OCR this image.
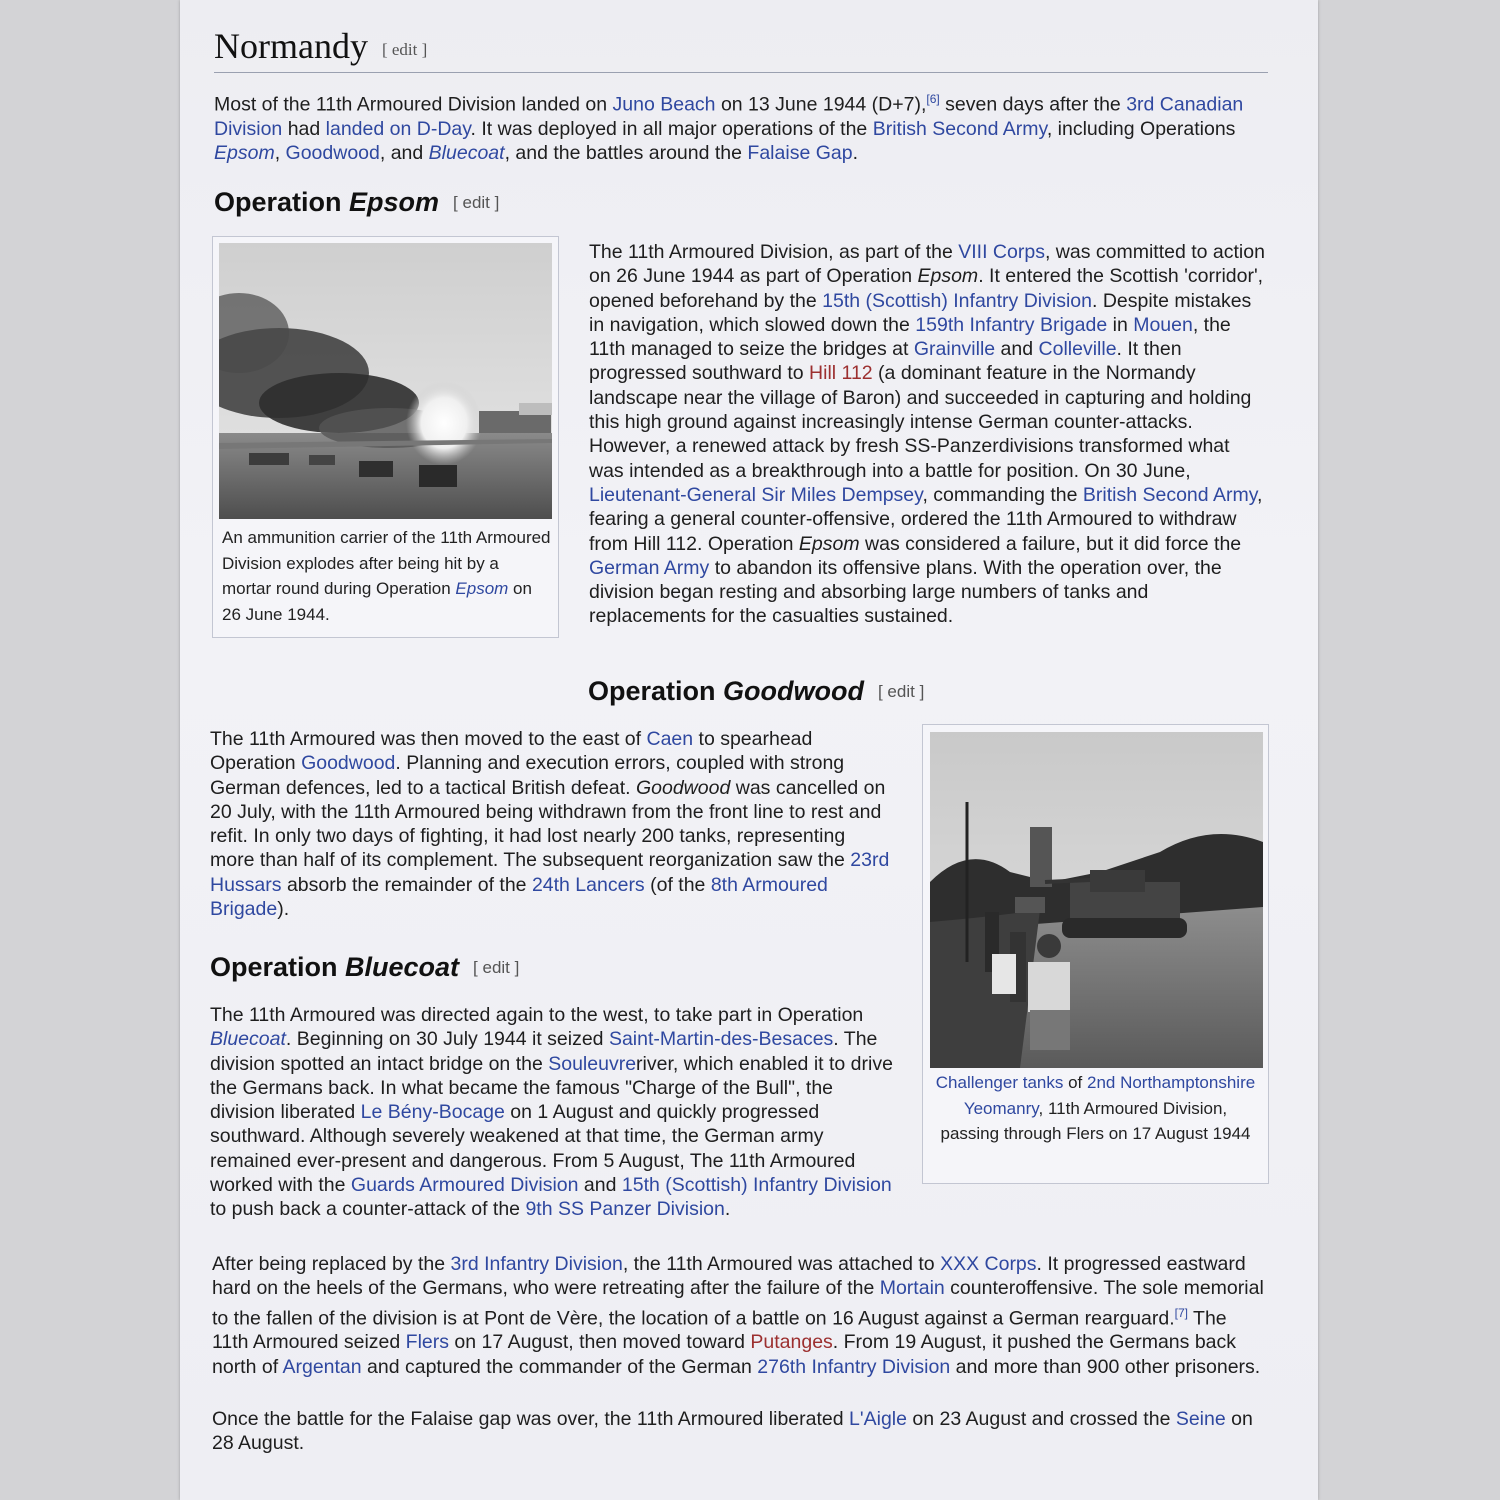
Normandy [ edit ]

Most of the 11th Armoured Division landed on Juno Beach on 13 June 1944 (D+7),[6] seven days after the 3rd Canadian Division had landed on D-Day. It was deployed in all major operations of the British Second Army, including Operations Epsom, Goodwood, and Bluecoat, and the battles around the Falaise Gap.

Operation Epsom [ edit ]

An ammunition carrier of the 11th Armoured Division explodes after being hit by a mortar round during Operation Epsom on 26 June 1944.

The 11th Armoured Division, as part of the VIII Corps, was committed to action on 26 June 1944 as part of Operation Epsom. It entered the Scottish 'corridor', opened beforehand by the 15th (Scottish) Infantry Division. Despite mistakes in navigation, which slowed down the 159th Infantry Brigade in Mouen, the 11th managed to seize the bridges at Grainville and Colleville. It then progressed southward to Hill 112 (a dominant feature in the Normandy landscape near the village of Baron) and succeeded in capturing and holding this high ground against increasingly intense German counter-attacks. However, a renewed attack by fresh SS-Panzerdivisions transformed what was intended as a breakthrough into a battle for position. On 30 June, Lieutenant-General Sir Miles Dempsey, commanding the British Second Army, fearing a general counter-offensive, ordered the 11th Armoured to withdraw from Hill 112. Operation Epsom was considered a failure, but it did force the German Army to abandon its offensive plans. With the operation over, the division began resting and absorbing large numbers of tanks and replacements for the casualties sustained.

Operation Goodwood [ edit ]

The 11th Armoured was then moved to the east of Caen to spearhead Operation Goodwood. Planning and execution errors, coupled with strong German defences, led to a tactical British defeat. Goodwood was cancelled on 20 July, with the 11th Armoured being withdrawn from the front line to rest and refit. In only two days of fighting, it had lost nearly 200 tanks, representing more than half of its complement. The subsequent reorganization saw the 23rd Hussars absorb the remainder of the 24th Lancers (of the 8th Armoured Brigade).

Challenger tanks of 2nd Northamptonshire Yeomanry, 11th Armoured Division, passing through Flers on 17 August 1944

Operation Bluecoat [ edit ]

The 11th Armoured was directed again to the west, to take part in Operation Bluecoat. Beginning on 30 July 1944 it seized Saint-Martin-des-Besaces. The division spotted an intact bridge on the Souleuvreriver, which enabled it to drive the Germans back. In what became the famous "Charge of the Bull", the division liberated Le Bény-Bocage on 1 August and quickly progressed southward. Although severely weakened at that time, the German army remained ever-present and dangerous. From 5 August, The 11th Armoured worked with the Guards Armoured Division and 15th (Scottish) Infantry Division to push back a counter-attack of the 9th SS Panzer Division.

After being replaced by the 3rd Infantry Division, the 11th Armoured was attached to XXX Corps. It progressed eastward hard on the heels of the Germans, who were retreating after the failure of the Mortain counteroffensive. The sole memorial to the fallen of the division is at Pont de Vère, the location of a battle on 16 August against a German rearguard.[7] The 11th Armoured seized Flers on 17 August, then moved toward Putanges. From 19 August, it pushed the Germans back north of Argentan and captured the commander of the German 276th Infantry Division and more than 900 other prisoners.

Once the battle for the Falaise gap was over, the 11th Armoured liberated L'Aigle on 23 August and crossed the Seine on 28 August.
